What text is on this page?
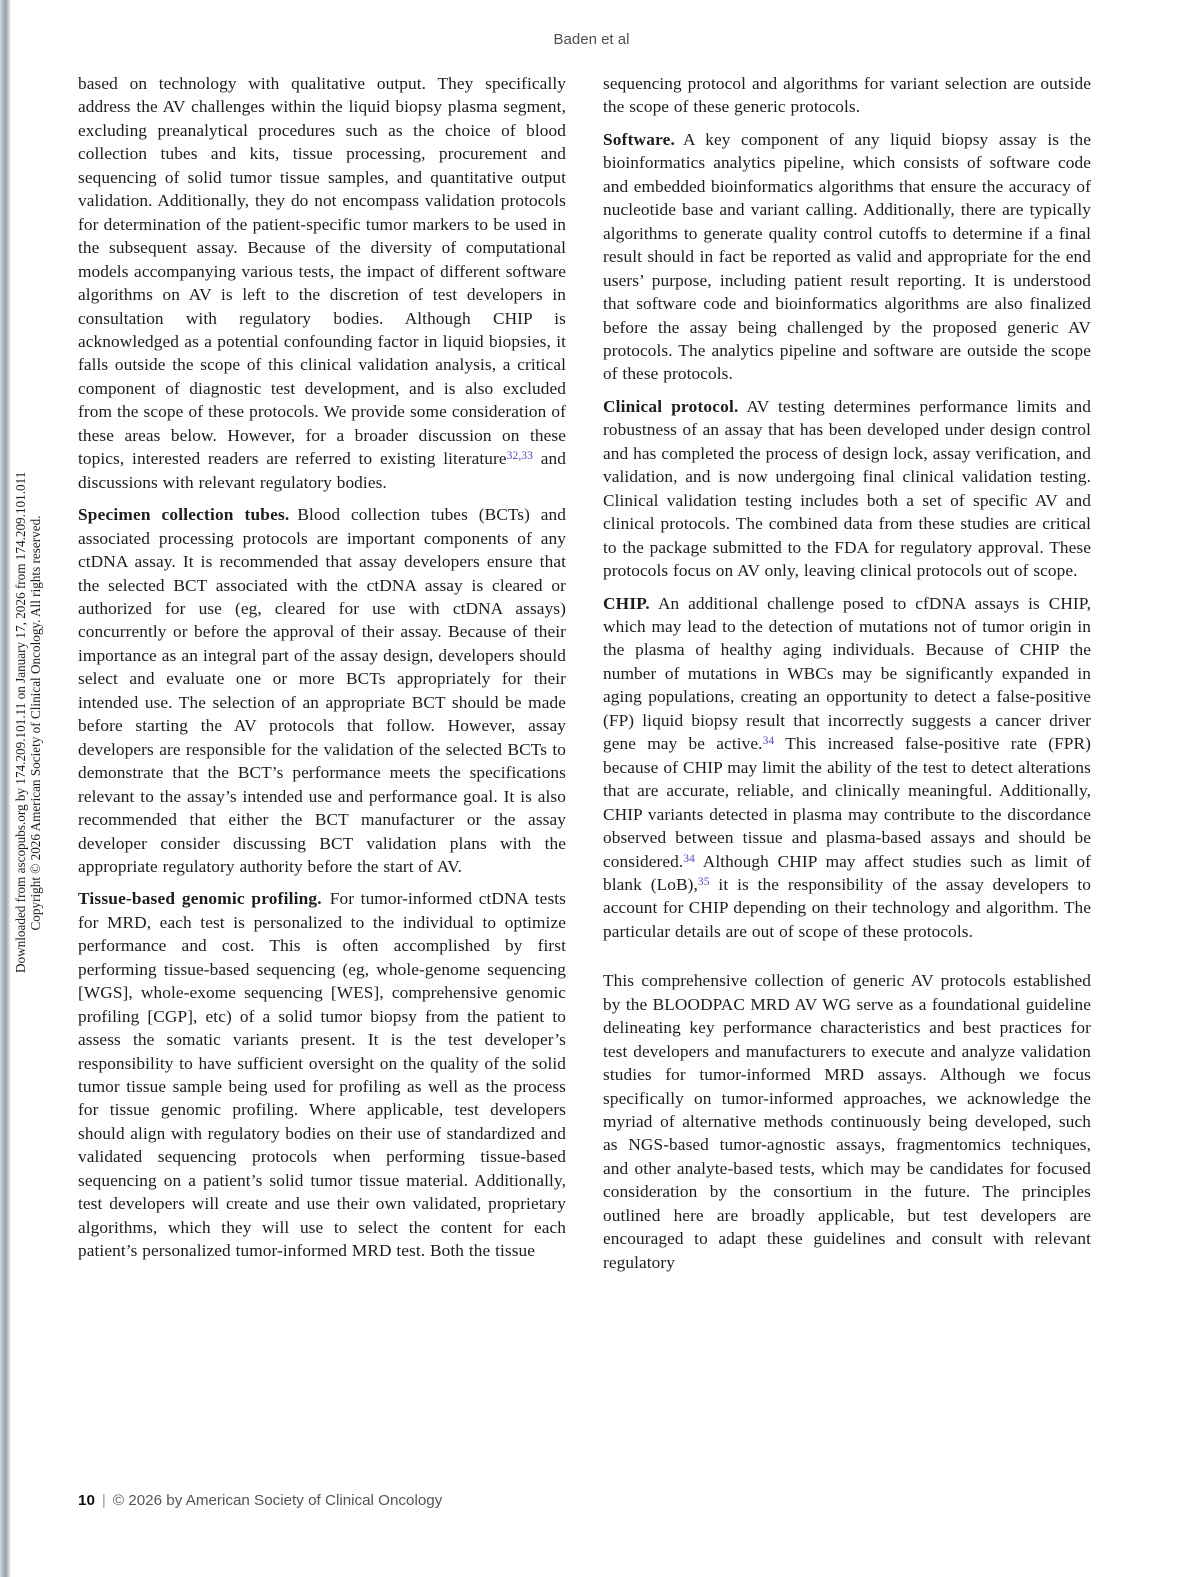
Downloaded from ascopubs.org by 174.209.101.11 on January 17, 2026 from 174.209.101.011 Copyright © 2026 American Society of Clinical Oncology. All rights reserved.
Baden et al

based on technology with qualitative output. They specifically address the AV challenges within the liquid biopsy plasma segment, excluding preanalytical procedures such as the choice of blood collection tubes and kits, tissue processing, procurement and sequencing of solid tumor tissue samples, and quantitative output validation. Additionally, they do not encompass validation protocols for determination of the patient-specific tumor markers to be used in the subsequent assay. Because of the diversity of computational models accompanying various tests, the impact of different software algorithms on AV is left to the discretion of test developers in consultation with regulatory bodies. Although CHIP is acknowledged as a potential confounding factor in liquid biopsies, it falls outside the scope of this clinical validation analysis, a critical component of diagnostic test development, and is also excluded from the scope of these protocols. We provide some consideration of these areas below. However, for a broader discussion on these topics, interested readers are referred to existing literature$^{32,33}$ and discussions with relevant regulatory bodies.

Specimen collection tubes. Blood collection tubes (BCTs) and associated processing protocols are important components of any ctDNA assay. It is recommended that assay developers ensure that the selected BCT associated with the ctDNA assay is cleared or authorized for use (eg, cleared for use with ctDNA assays) concurrently or before the approval of their assay. Because of their importance as an integral part of the assay design, developers should select and evaluate one or more BCTs appropriately for their intended use. The selection of an appropriate BCT should be made before starting the AV protocols that follow. However, assay developers are responsible for the validation of the selected BCTs to demonstrate that the BCT’s performance meets the specifications relevant to the assay’s intended use and performance goal. It is also recommended that either the BCT manufacturer or the assay developer consider discussing BCT validation plans with the appropriate regulatory authority before the start of AV.

Tissue-based genomic profiling. For tumor-informed ctDNA tests for MRD, each test is personalized to the individual to optimize performance and cost. This is often accomplished by first performing tissue-based sequencing (eg, whole-genome sequencing [WGS], whole-exome sequencing [WES], comprehensive genomic profiling [CGP], etc) of a solid tumor biopsy from the patient to assess the somatic variants present. It is the test developer’s responsibility to have sufficient oversight on the quality of the solid tumor tissue sample being used for profiling as well as the process for tissue genomic profiling. Where applicable, test developers should align with regulatory bodies on their use of standardized and validated sequencing protocols when performing tissue-based sequencing on a patient’s solid tumor tissue material. Additionally, test developers will create and use their own validated, proprietary algorithms, which they will use to select the content for each patient’s personalized tumor-informed MRD test. Both the tissue

sequencing protocol and algorithms for variant selection are outside the scope of these generic protocols.

Software. A key component of any liquid biopsy assay is the bioinformatics analytics pipeline, which consists of software code and embedded bioinformatics algorithms that ensure the accuracy of nucleotide base and variant calling. Additionally, there are typically algorithms to generate quality control cutoffs to determine if a final result should in fact be reported as valid and appropriate for the end users’ purpose, including patient result reporting. It is understood that software code and bioinformatics algorithms are also finalized before the assay being challenged by the proposed generic AV protocols. The analytics pipeline and software are outside the scope of these protocols.

Clinical protocol. AV testing determines performance limits and robustness of an assay that has been developed under design control and has completed the process of design lock, assay verification, and validation, and is now undergoing final clinical validation testing. Clinical validation testing includes both a set of specific AV and clinical protocols. The combined data from these studies are critical to the package submitted to the FDA for regulatory approval. These protocols focus on AV only, leaving clinical protocols out of scope.

CHIP. An additional challenge posed to cfDNA assays is CHIP, which may lead to the detection of mutations not of tumor origin in the plasma of healthy aging individuals. Because of CHIP the number of mutations in WBCs may be significantly expanded in aging populations, creating an opportunity to detect a false-positive (FP) liquid biopsy result that incorrectly suggests a cancer driver gene may be active.$^{34}$ This increased false-positive rate (FPR) because of CHIP may limit the ability of the test to detect alterations that are accurate, reliable, and clinically meaningful. Additionally, CHIP variants detected in plasma may contribute to the discordance observed between tissue and plasma-based assays and should be considered.$^{34}$ Although CHIP may affect studies such as limit of blank (LoB),$^{35}$ it is the responsibility of the assay developers to account for CHIP depending on their technology and algorithm. The particular details are out of scope of these protocols.

This comprehensive collection of generic AV protocols established by the BLOODPAC MRD AV WG serve as a foundational guideline delineating key performance characteristics and best practices for test developers and manufacturers to execute and analyze validation studies for tumor-informed MRD assays. Although we focus specifically on tumor-informed approaches, we acknowledge the myriad of alternative methods continuously being developed, such as NGS-based tumor-agnostic assays, fragmentomics techniques, and other analyte-based tests, which may be candidates for focused consideration by the consortium in the future. The principles outlined here are broadly applicable, but test developers are encouraged to adapt these guidelines and consult with relevant regulatory

10 | © 2026 by American Society of Clinical Oncology
